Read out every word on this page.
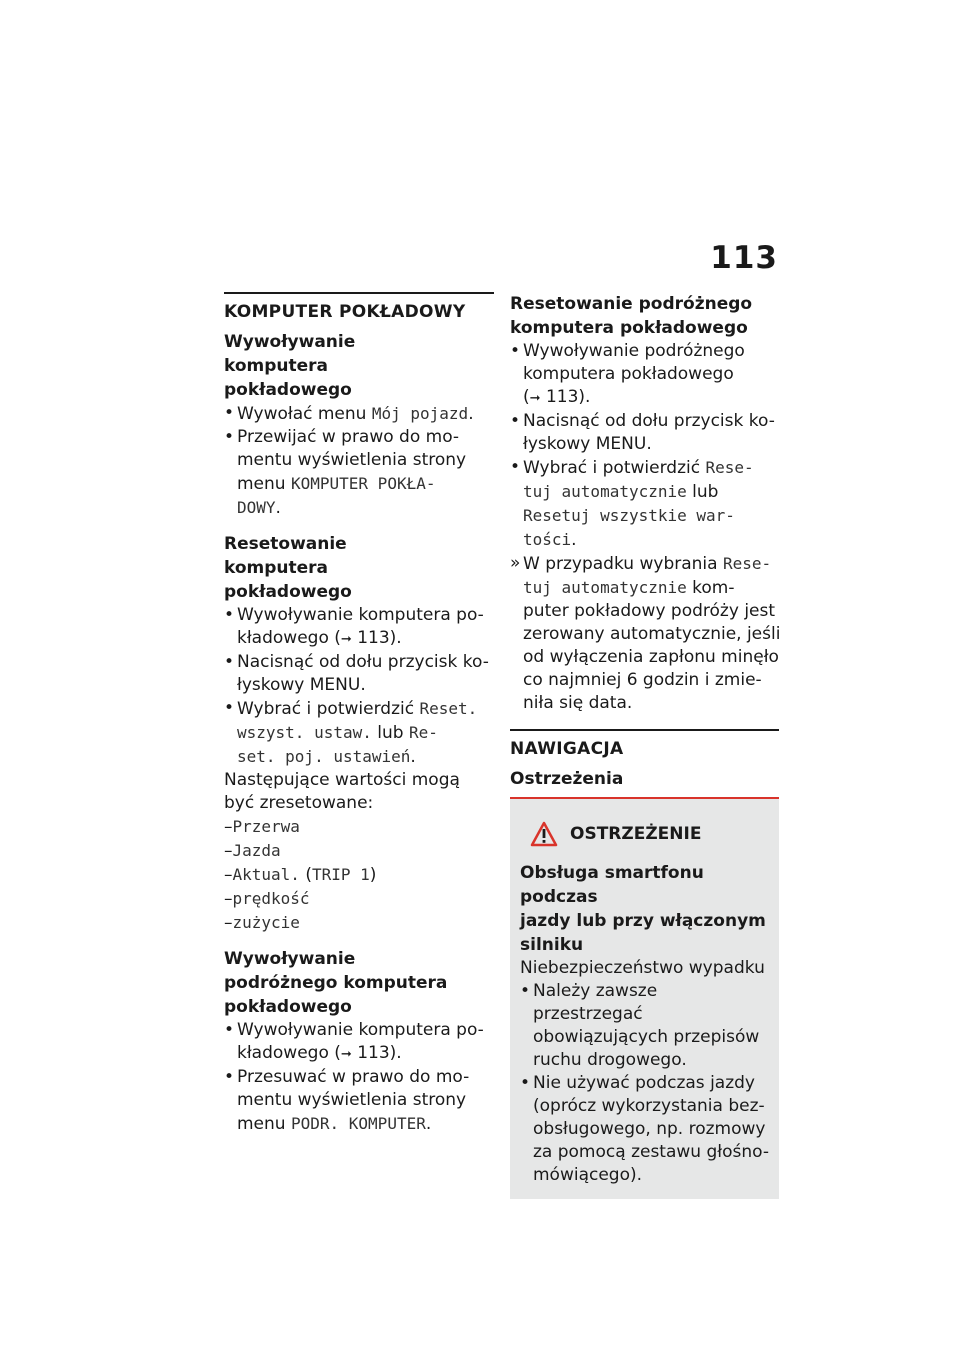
113
KOMPUTER POKŁADOWY
Wywoływanie komputera pokładowego
• Wywołać menu Mój pojazd.
• Przewijać w prawo do mo-
mentu wyświetlenia strony
menu KOMPUTER POKŁA-
DOWY.
Resetowanie komputera pokładowego
• Wywoływanie komputera po-
kładowego (➞ 113).
• Nacisnąć od dołu przycisk ko-
łyskowy MENU.
• Wybrać i potwierdzić Reset.
wszyst. ustaw. lub Re-
set. poj. ustawień.
Następujące wartości mogą
być zresetowane:
–Przerwa
–Jazda
–Aktual. (TRIP 1)
–prędkość
–zużycie
Wywoływanie podróżnego komputera pokładowego
• Wywoływanie komputera po-
kładowego (➞ 113).
• Przesuwać w prawo do mo-
mentu wyświetlenia strony
menu PODR. KOMPUTER.
Resetowanie podróżnego
komputera pokładowego
• Wywoływanie podróżnego
komputera pokładowego
(➞ 113).
• Nacisnąć od dołu przycisk ko-
łyskowy MENU.
• Wybrać i potwierdzić Rese-
tuj automatycznie lub
Resetuj wszystkie war-
tości.
» W przypadku wybrania Rese-
tuj automatycznie kom-
puter pokładowy podróży jest
zerowany automatycznie, jeśli
od wyłączenia zapłonu minęło
co najmniej 6 godzin i zmie-
niła się data.
NAWIGACJA
Ostrzeżenia
OSTRZEŻENIE
Obsługa smartfonu podczas
jazdy lub przy włączonym
silniku
Niebezpieczeństwo wypadku
• Należy zawsze przestrzegać
obowiązujących przepisów
ruchu drogowego.
• Nie używać podczas jazdy
(oprócz wykorzystania bez-
obsługowego, np. rozmowy
za pomocą zestawu głośno-
mówiącego).
